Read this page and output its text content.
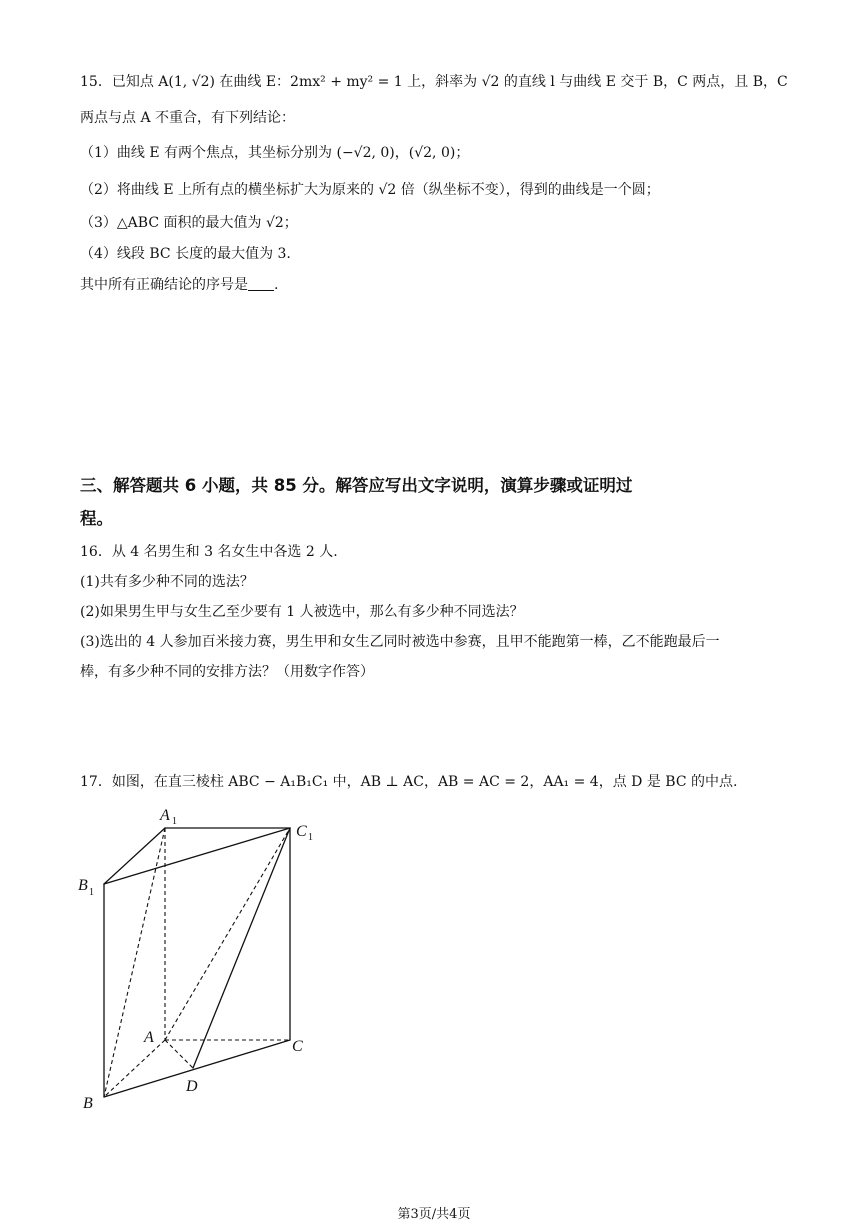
15．已知点 A(1, √2) 在曲线 E：2mx² + my² = 1 上，斜率为 √2 的直线 l 与曲线 E 交于 B，C 两点，且 B，C
两点与点 A 不重合，有下列结论：
（1）曲线 E 有两个焦点，其坐标分别为 (−√2, 0)，(√2, 0)；
（2）将曲线 E 上所有点的横坐标扩大为原来的 √2 倍（纵坐标不变），得到的曲线是一个圆；
（3）△ABC 面积的最大值为 √2；
（4）线段 BC 长度的最大值为 3.
其中所有正确结论的序号是 .
三、解答题共 6 小题，共 85 分。解答应写出文字说明，演算步骤或证明过
程。
16．从 4 名男生和 3 名女生中各选 2 人.
(1)共有多少种不同的选法？
(2)如果男生甲与女生乙至少要有 1 人被选中，那么有多少种不同选法？
(3)选出的 4 人参加百米接力赛，男生甲和女生乙同时被选中参赛，且甲不能跑第一棒，乙不能跑最后一
棒，有多少种不同的安排方法？（用数字作答）
17．如图，在直三棱柱 ABC − A₁B₁C₁ 中，AB ⊥ AC，AB = AC = 2，AA₁ = 4，点 D 是 BC 的中点.
A 1
C 1
B 1
A
C
D
B
第3页/共4页
